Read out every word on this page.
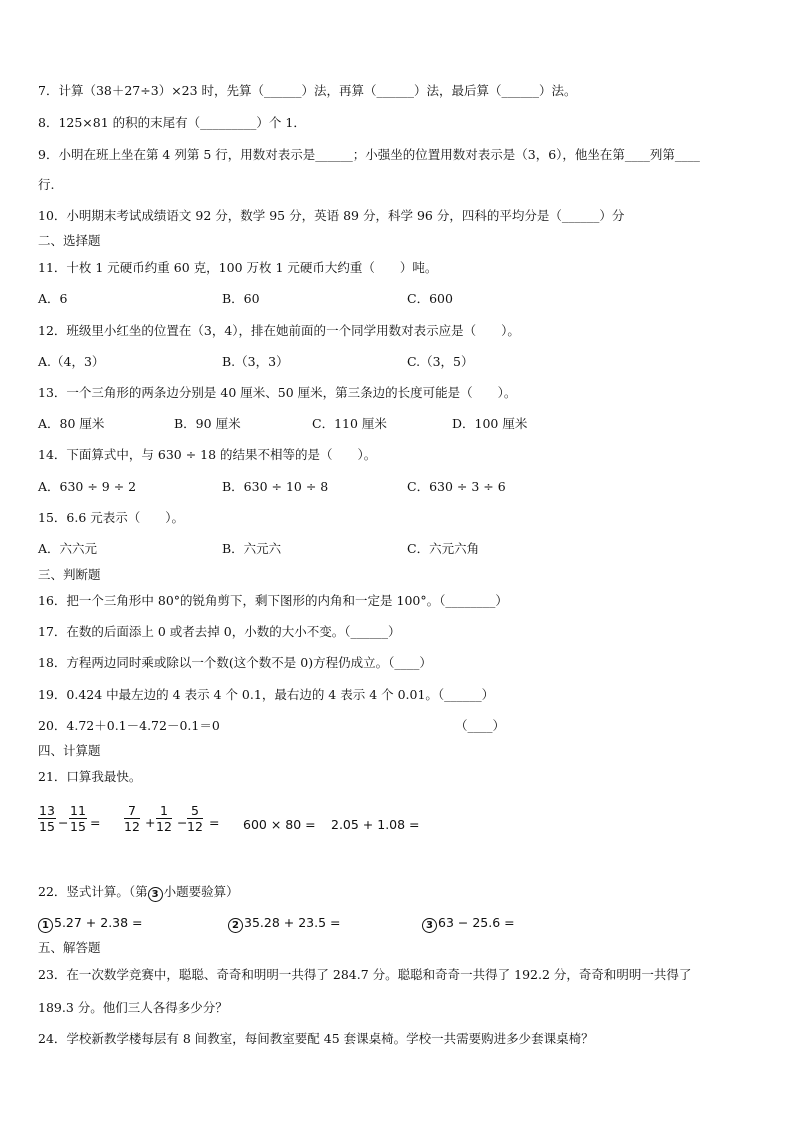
7．计算（38＋27÷3）×23 时，先算（______）法，再算（______）法，最后算（______）法。
8．125×81 的积的末尾有（_________）个 1．
9．小明在班上坐在第 4 列第 5 行，用数对表示是______；小强坐的位置用数对表示是（3，6），他坐在第____列第____
行.
10．小明期末考试成绩语文 92 分，数学 95 分，英语 89 分，科学 96 分，四科的平均分是（______）分
二、选择题
11．十枚 1 元硬币约重 60 克，100 万枚 1 元硬币大约重（　　）吨。
A．6	B．60	C．600
12．班级里小红坐的位置在（3，4），排在她前面的一个同学用数对表示应是（　　）。
A.（4，3）	B.（3，3）	C.（3，5）
13．一个三角形的两条边分别是 40 厘米、50 厘米，第三条边的长度可能是（　　）。
A．80 厘米	B．90 厘米	C．110 厘米	D．100 厘米
14．下面算式中，与 630 ÷ 18 的结果不相等的是（　　）。
A．630 ÷ 9 ÷ 2	B．630 ÷ 10 ÷ 8	C．630 ÷ 3 ÷ 6
15．6.6 元表示（　　）。
A．六六元	B．六元六	C．六元六角
三、判断题
16．把一个三角形中 80°的锐角剪下，剩下图形的内角和一定是 100°。（________）
17．在数的后面添上 0 或者去掉 0，小数的大小不变。（______）
18．方程两边同时乘或除以一个数(这个数不是 0)方程仍成立。（____）
19．0.424 中最左边的 4 表示 4 个 0.1，最右边的 4 表示 4 个 0.01。（______）
20．4.72＋0.1－4.72－0.1＝0	（____）
四、计算题
21．口算我最快。
$\frac{13}{15} - \frac{11}{15} = \frac{7}{12} + \frac{1}{12} - \frac{5}{12} = 600 \times 80 = 2.05 + 1.08$ =
22．竖式计算。（第 3 小题要验算）
1 5.27 + 2.38 =	2 35.28 + 23.5 =	3 63 − 25.6 =
五、解答题
23．在一次数学竞赛中，聪聪、奇奇和明明一共得了 284.7 分。聪聪和奇奇一共得了 192.2 分，奇奇和明明一共得了
189.3 分。他们三人各得多少分？
24．学校新教学楼每层有 8 间教室，每间教室要配 45 套课桌椅。学校一共需要购进多少套课桌椅？
